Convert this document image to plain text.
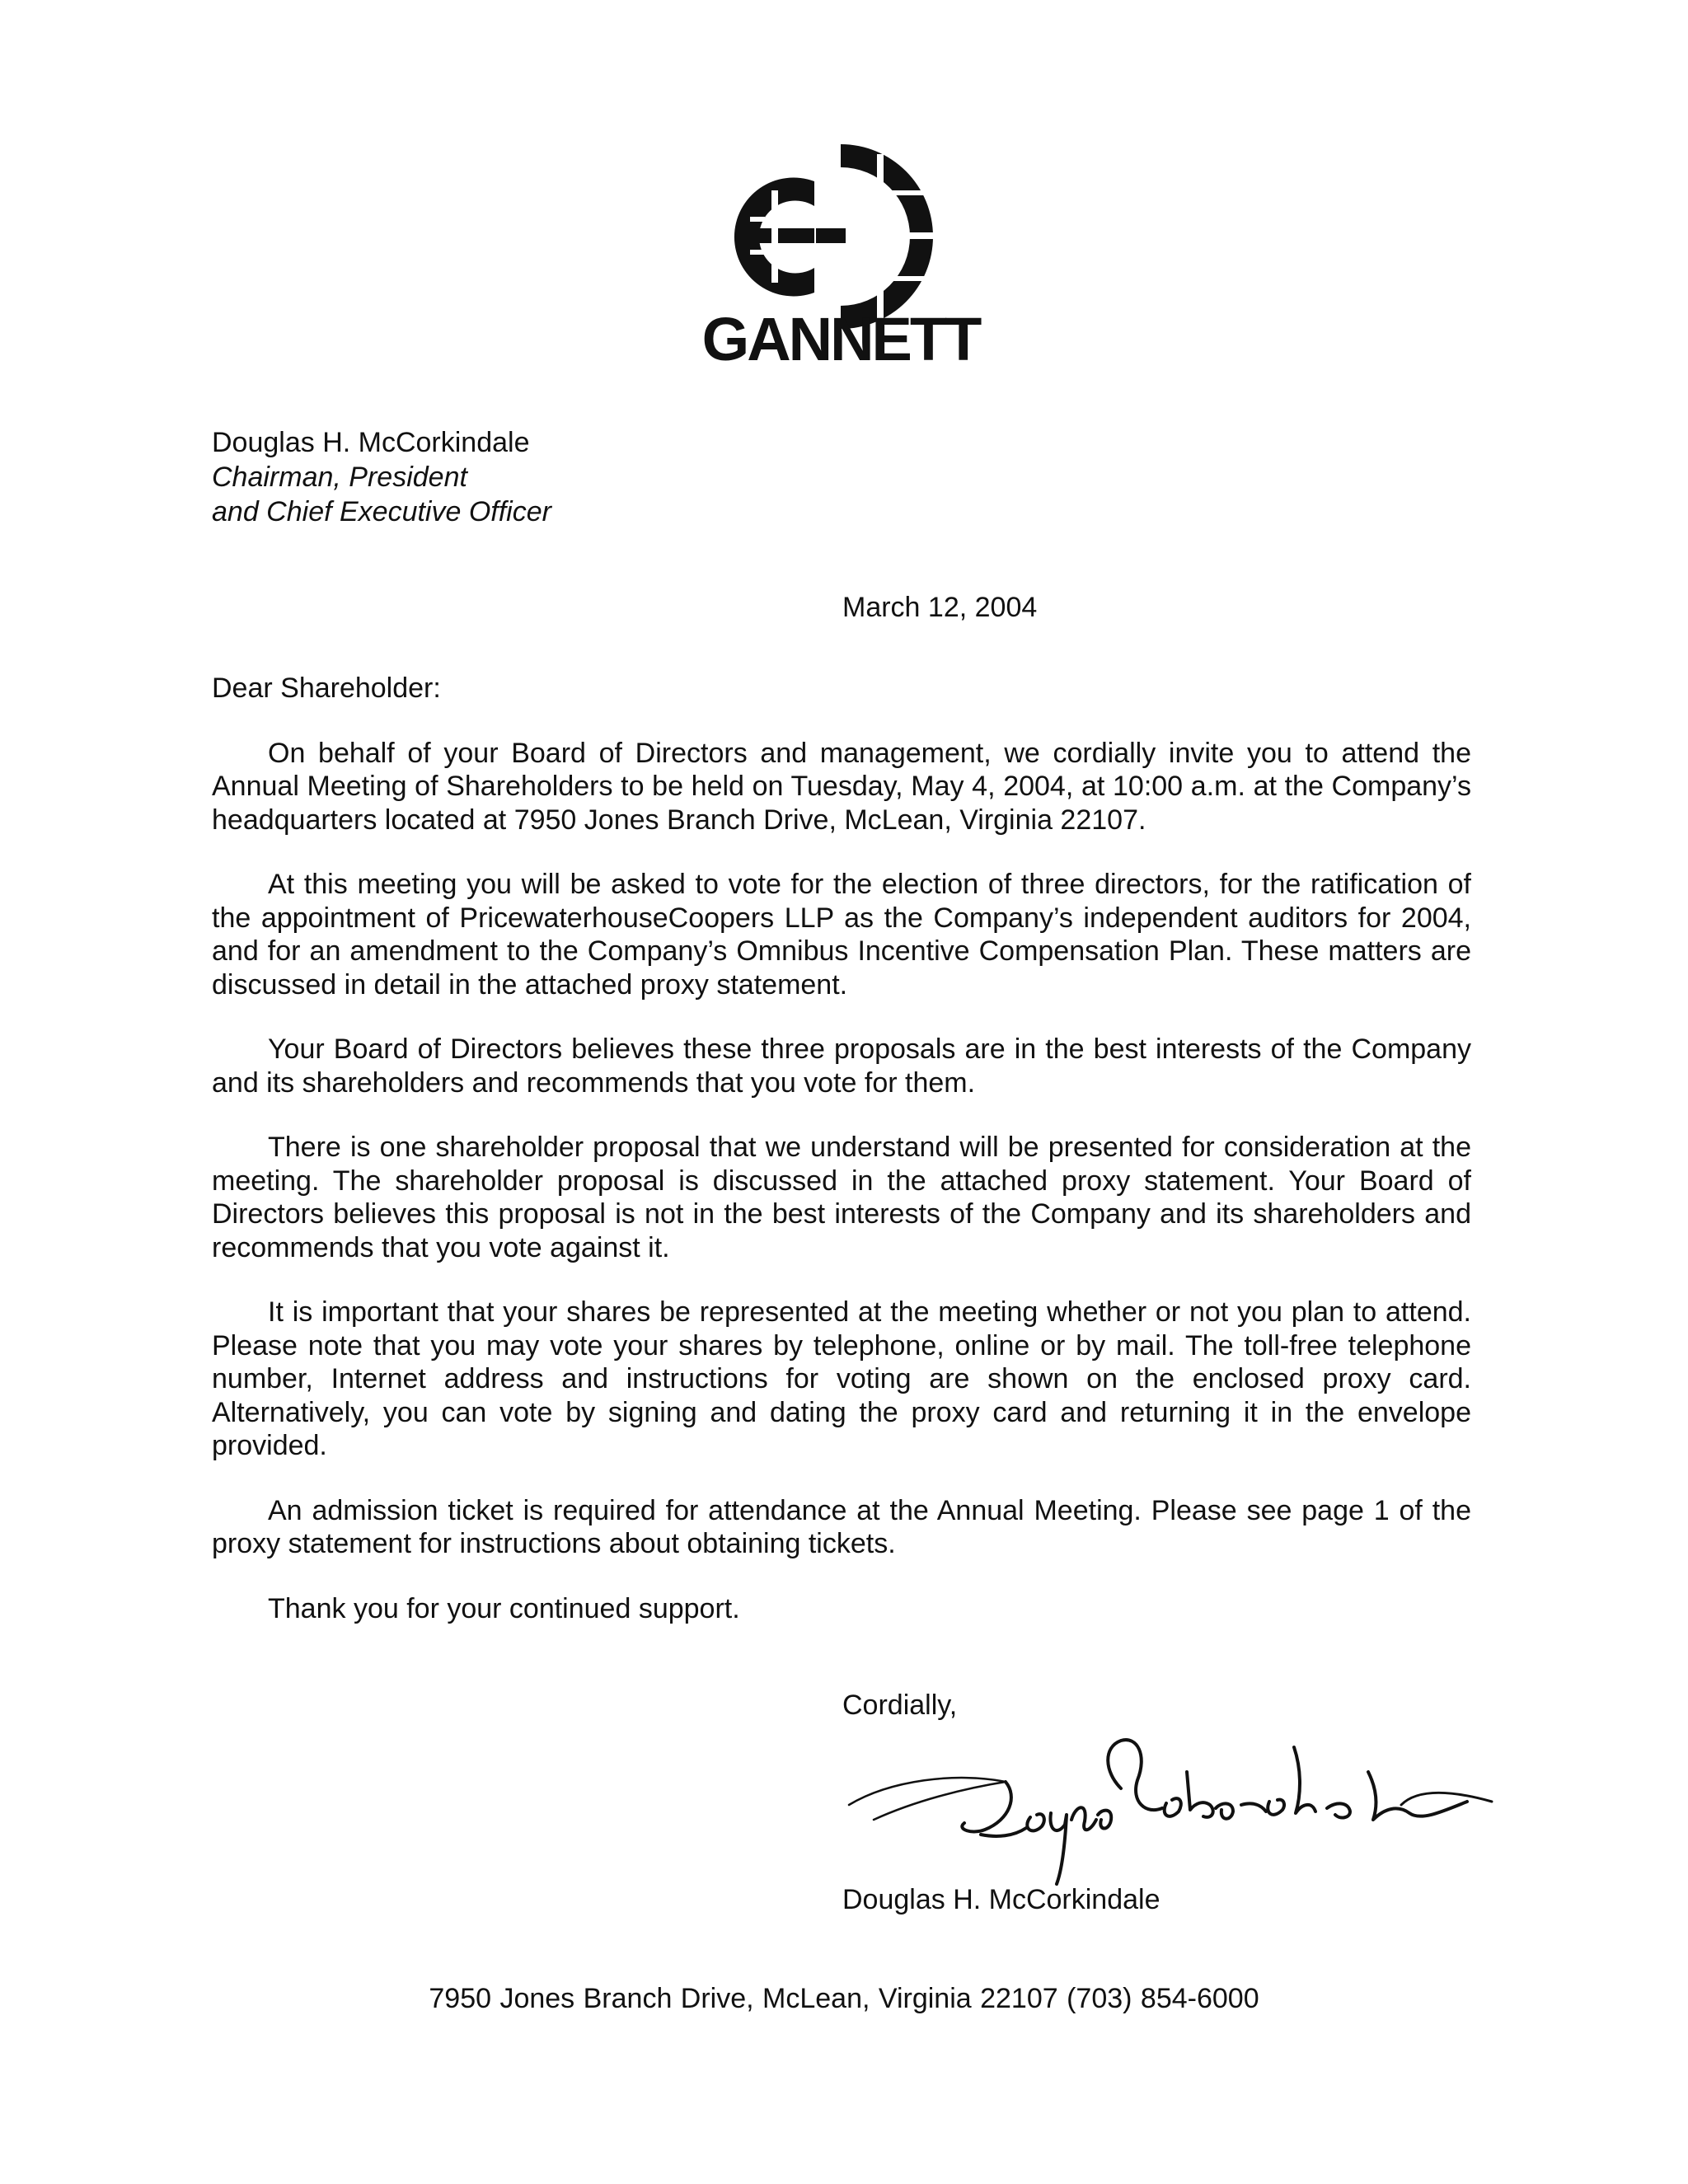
GANNETT
Douglas H. McCorkindale
Chairman, President
and Chief Executive Officer
March 12, 2004

Dear Shareholder:

On behalf of your Board of Directors and management, we cordially invite you to attend the Annual Meeting of Shareholders to be held on Tuesday, May 4, 2004, at 10:00 a.m. at the Company’s headquarters located at 7950 Jones Branch Drive, McLean, Virginia 22107.

At this meeting you will be asked to vote for the election of three directors, for the ratification of the appointment of PricewaterhouseCoopers LLP as the Company’s independent auditors for 2004, and for an amendment to the Company’s Omnibus Incentive Compensation Plan. These matters are discussed in detail in the attached proxy statement.

Your Board of Directors believes these three proposals are in the best interests of the Company and its shareholders and recommends that you vote for them.

There is one shareholder proposal that we understand will be presented for consideration at the meeting. The shareholder proposal is discussed in the attached proxy statement. Your Board of Directors believes this proposal is not in the best interests of the Company and its shareholders and recommends that you vote against it.

It is important that your shares be represented at the meeting whether or not you plan to attend. Please note that you may vote your shares by telephone, online or by mail. The toll-free telephone number, Internet address and instructions for voting are shown on the enclosed proxy card. Alternatively, you can vote by signing and dating the proxy card and returning it in the envelope provided.

An admission ticket is required for attendance at the Annual Meeting. Please see page 1 of the proxy statement for instructions about obtaining tickets.

Thank you for your continued support.

Cordially,
Douglas H. McCorkindale
7950 Jones Branch Drive, McLean, Virginia 22107 (703) 854-6000
